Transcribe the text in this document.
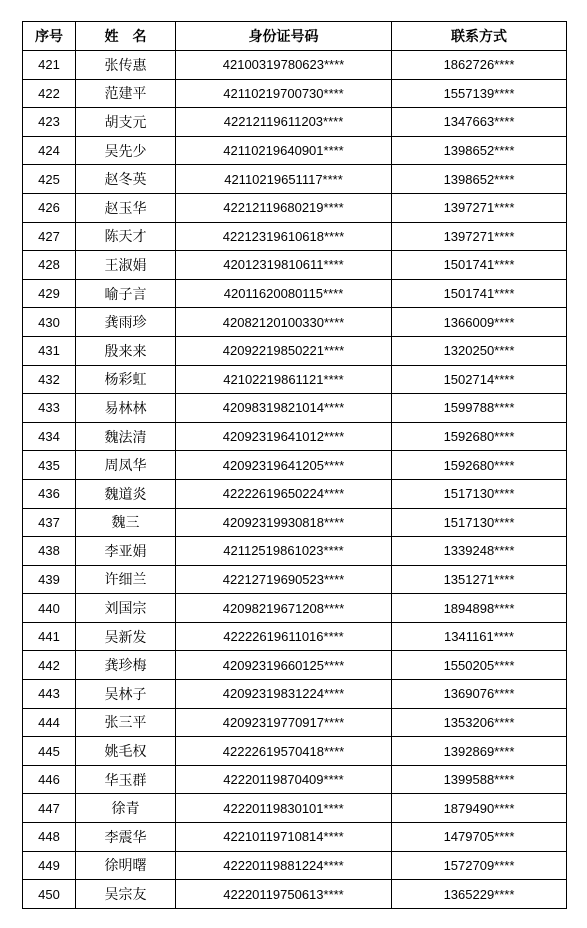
序号	姓名	身份证号码	联系方式
421	张传惠	42100319780623****	1862726****
422	范建平	42110219700730****	1557139****
423	胡支元	42212119611203****	1347663****
424	吴先少	42110219640901****	1398652****
425	赵冬英	42110219651117****	1398652****
426	赵玉华	42212119680219****	1397271****
427	陈天才	42212319610618****	1397271****
428	王淑娟	42012319810611****	1501741****
429	喻子言	42011620080115****	1501741****
430	龚雨珍	42082120100330****	1366009****
431	殷来来	42092219850221****	1320250****
432	杨彩虹	42102219861121****	1502714****
433	易林林	42098319821014****	1599788****
434	魏法清	42092319641012****	1592680****
435	周凤华	42092319641205****	1592680****
436	魏道炎	42222619650224****	1517130****
437	魏三	42092319930818****	1517130****
438	李亚娟	42112519861023****	1339248****
439	许细兰	42212719690523****	1351271****
440	刘国宗	42098219671208****	1894898****
441	吴新发	42222619611016****	1341161****
442	龚珍梅	42092319660125****	1550205****
443	吴林子	42092319831224****	1369076****
444	张三平	42092319770917****	1353206****
445	姚毛权	42222619570418****	1392869****
446	华玉群	42220119870409****	1399588****
447	徐青	42220119830101****	1879490****
448	李震华	42210119710814****	1479705****
449	徐明曙	42220119881224****	1572709****
450	吴宗友	42220119750613****	1365229****
